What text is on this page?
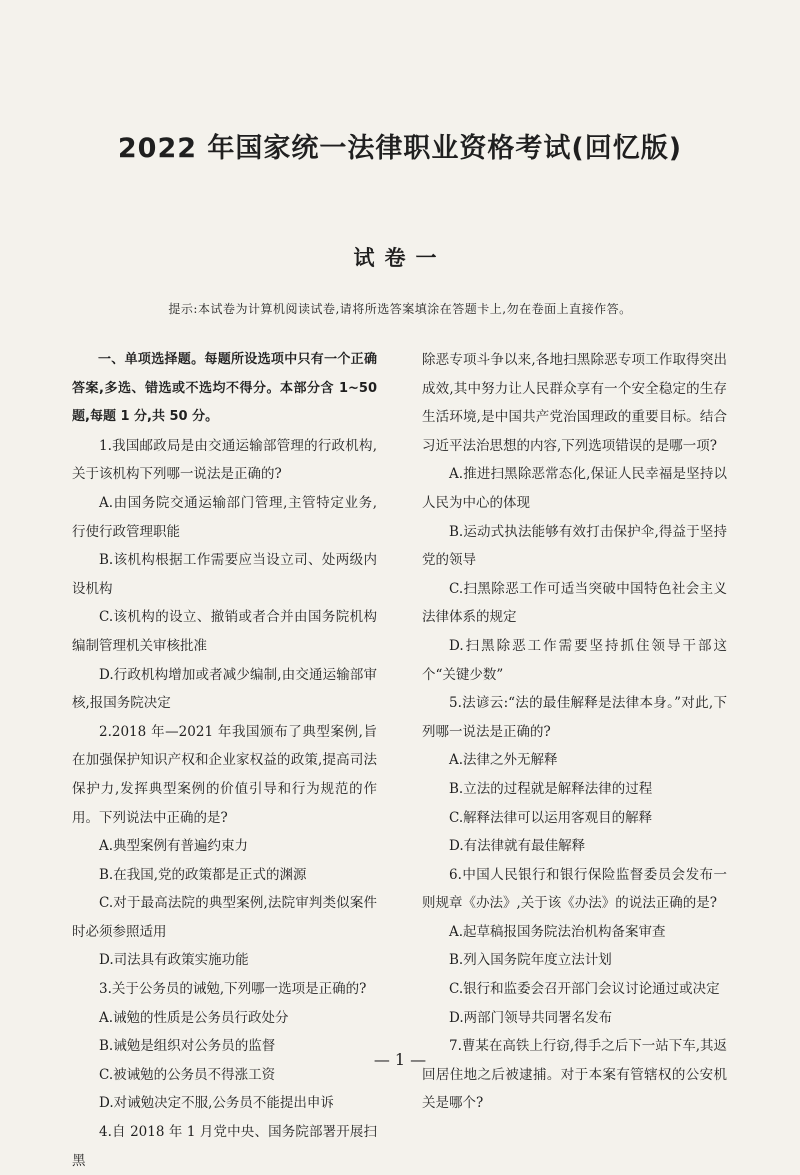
2022 年国家统一法律职业资格考试(回忆版)
试卷一
提示:本试卷为计算机阅读试卷,请将所选答案填涂在答题卡上,勿在卷面上直接作答。

一、单项选择题。每题所设选项中只有一个正确答案,多选、错选或不选均不得分。本部分含 1~50 题,每题 1 分,共 50 分。

1.我国邮政局是由交通运输部管理的行政机构,关于该机构下列哪一说法是正确的?

A.由国务院交通运输部门管理,主管特定业务,行使行政管理职能

B.该机构根据工作需要应当设立司、处两级内设机构

C.该机构的设立、撤销或者合并由国务院机构编制管理机关审核批准

D.行政机构增加或者减少编制,由交通运输部审核,报国务院决定

2.2018 年—2021 年我国颁布了典型案例,旨在加强保护知识产权和企业家权益的政策,提高司法保护力,发挥典型案例的价值引导和行为规范的作用。下列说法中正确的是?

A.典型案例有普遍约束力

B.在我国,党的政策都是正式的渊源

C.对于最高法院的典型案例,法院审判类似案件时必须参照适用

D.司法具有政策实施功能

3.关于公务员的诫勉,下列哪一选项是正确的?

A.诫勉的性质是公务员行政处分

B.诫勉是组织对公务员的监督

C.被诫勉的公务员不得涨工资

D.对诫勉决定不服,公务员不能提出申诉

4.自 2018 年 1 月党中央、国务院部署开展扫黑

除恶专项斗争以来,各地扫黑除恶专项工作取得突出成效,其中努力让人民群众享有一个安全稳定的生存生活环境,是中国共产党治国理政的重要目标。结合习近平法治思想的内容,下列选项错误的是哪一项?

A.推进扫黑除恶常态化,保证人民幸福是坚持以人民为中心的体现

B.运动式执法能够有效打击保护伞,得益于坚持党的领导

C.扫黑除恶工作可适当突破中国特色社会主义法律体系的规定

D.扫黑除恶工作需要坚持抓住领导干部这个“关键少数”

5.法谚云:“法的最佳解释是法律本身。”对此,下列哪一说法是正确的?

A.法律之外无解释

B.立法的过程就是解释法律的过程

C.解释法律可以运用客观目的解释

D.有法律就有最佳解释

6.中国人民银行和银行保险监督委员会发布一则规章《办法》,关于该《办法》的说法正确的是?

A.起草稿报国务院法治机构备案审查

B.列入国务院年度立法计划

C.银行和监委会召开部门会议讨论通过或决定

D.两部门领导共同署名发布

7.曹某在高铁上行窃,得手之后下一站下车,其返回居住地之后被逮捕。对于本案有管辖权的公安机关是哪个?

— 1 —
